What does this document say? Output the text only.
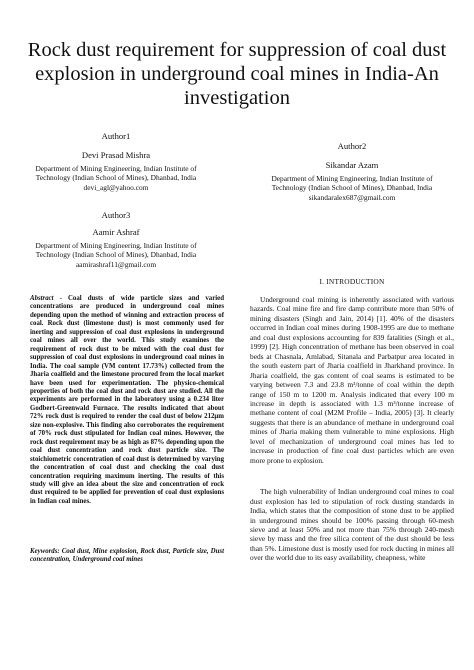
Rock dust requirement for suppression of coal dust explosion in underground coal mines in India-An investigation
Author1
Devi Prasad Mishra
Department of Mining Engineering, Indian Institute of
Technology (Indian School of Mines), Dhanbad, India
devi_agl@yahoo.com
Author3
Aamir Ashraf
Department of Mining Engineering, Indian Institute of
Technology (Indian School of Mines), Dhanbad, India
aamirashraf11@gmail.com
Author2
Sikandar Azam
Department of Mining Engineering, Indian Institute of
Technology (Indian School of Mines), Dhanbad, India
sikandaralex687@gmail.com
Abstract - Coal dusts of wide particle sizes and varied concentrations are produced in underground coal mines depending upon the method of winning and extraction process of coal. Rock dust (limestone dust) is most commonly used for inerting and suppression of coal dust explosions in underground coal mines all over the world. This study examines the requirement of rock dust to be mixed with the coal dust for suppression of coal dust explosions in underground coal mines in India. The coal sample (VM content 17.73%) collected from the Jharia coalfield and the limestone procured from the local market have been used for experimentation. The physico-chemical properties of both the coal dust and rock dust are studied. All the experiments are performed in the laboratory using a 0.234 liter Godbert-Greenwald Furnace. The results indicated that about 72% rock dust is required to render the coal dust of below 212μm size non-explosive. This finding also corroborates the requirement of 70% rock dust stipulated for Indian coal mines. However, the rock dust requirement may be as high as 87% depending upon the coal dust concentration and rock dust particle size. The stoichiometric concentration of coal dust is determined by varying the concentration of coal dust and checking the coal dust concentration requiring maximum inerting. The results of this study will give an idea about the size and concentration of rock dust required to be applied for prevention of coal dust explosions in Indian coal mines.
Keywords: Coal dust, Mine explosion, Rock dust, Particle size, Dust concentration, Underground coal mines
I. INTRODUCTION

Underground coal mining is inherently associated with various hazards. Coal mine fire and fire damp contribute more than 50% of mining disasters (Singh and Jain, 2014) [1]. 40% of the disasters occurred in Indian coal mines during 1908-1995 are due to methane and coal dust explosions accounting for 839 fatalities (Singh et al., 1999) [2]. High concentration of methane has been observed in coal beds at Chasnala, Amlabad, Sitanala and Parbatpur area located in the south eastern part of Jharia coalfield in Jharkhand province. In Jharia coalfield, the gas content of coal seams is estimated to be varying between 7.3 and 23.8 m³/tonne of coal within the depth range of 150 m to 1200 m. Analysis indicated that every 100 m increase in depth is associated with 1.3 m³/tonne increase of methane content of coal (M2M Profile – India, 2005) [3]. It clearly suggests that there is an abundance of methane in underground coal mines of Jharia making them vulnerable to mine explosions. High level of mechanization of underground coal mines has led to increase in production of fine coal dust particles which are even more prone to explosion.

The high vulnerability of Indian underground coal mines to coal dust explosion has led to stipulation of rock dusting standards in India, which states that the composition of stone dust to be applied in underground mines should be 100% passing through 60-mesh sieve and at least 50% and not more than 75% through 240-mesh sieve by mass and the free silica content of the dust should be less than 5%. Limestone dust is mostly used for rock ducting in mines all over the world due to its easy availability, cheapness, white
